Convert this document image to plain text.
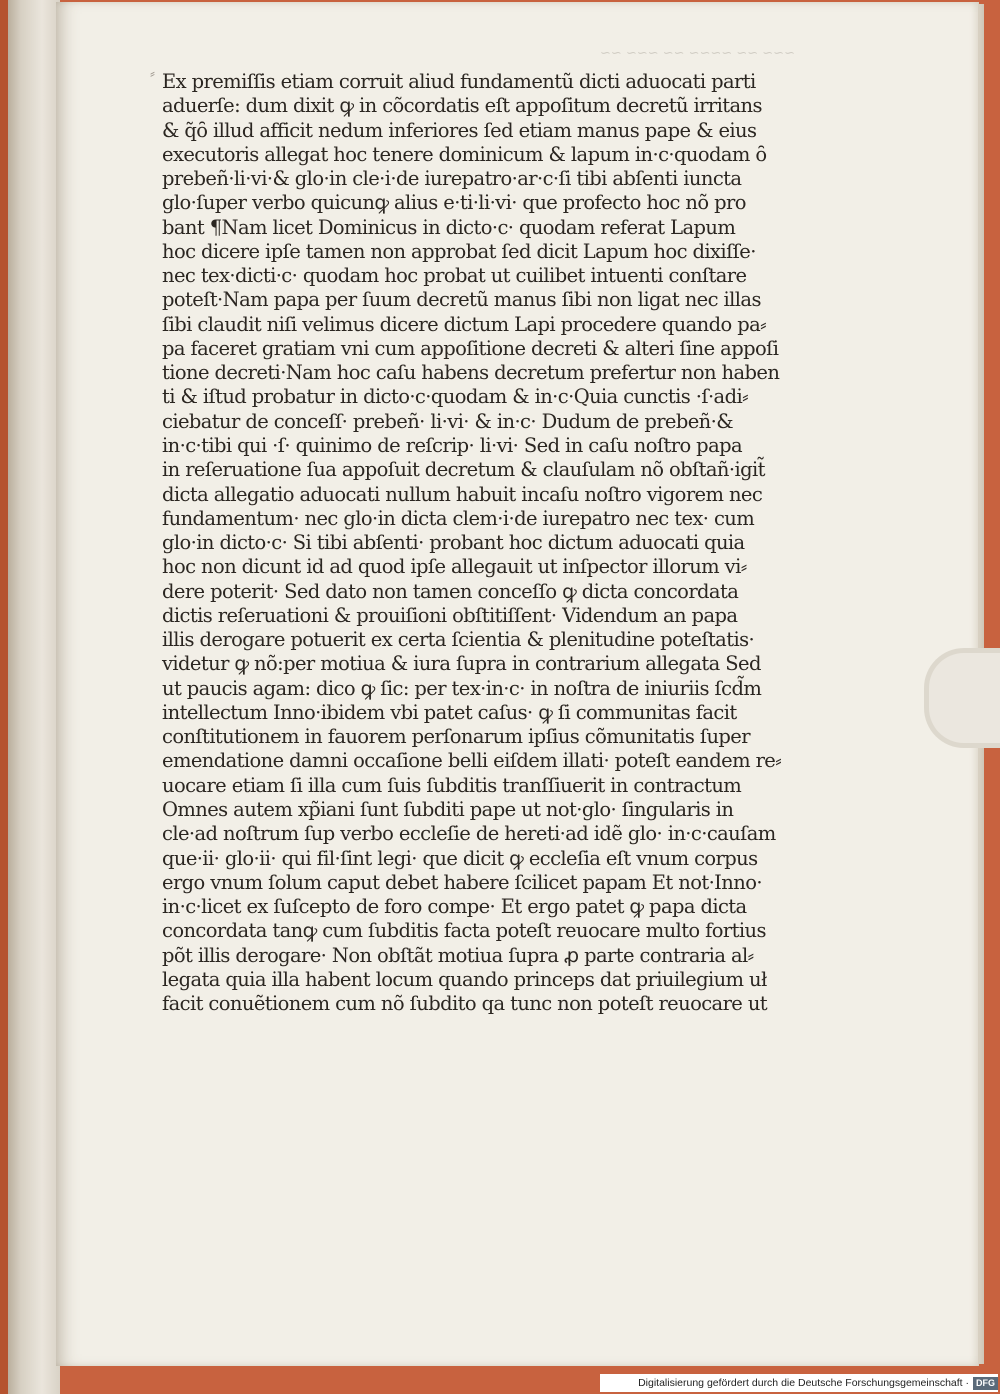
∼∼∼ ∼∼ ∼∼∼∼ ∼∼ ∼∼∼ ∼∼
⸗ Ex premiſſis etiam corruit aliud fundamentũ dicti aduocati parti
aduerſe: dum dixit ꝙ in cõcordatis eſt appoſitum decretũ irritans
& q̃ȏ illud afficit nedum inferiores ſed etiam manus pape & eius
executoris allegat hoc tenere dominicum & lapum in·c·quodam ȏ
prebeñ·li·vi·& glo·in cle·i·de iurepatro·ar·c·ſi tibi abſenti iuncta
glo·ſuper verbo quicunꝙ alius e·ti·li·vi· que profecto hoc nõ pro
bant ¶Nam licet Dominicus in dicto·c· quodam referat Lapum
hoc dicere ipſe tamen non approbat ſed dicit Lapum hoc dixiſſe·
nec tex·dicti·c· quodam hoc probat ut cuilibet intuenti conſtare
poteſt·Nam papa per ſuum decretũ manus ſibi non ligat nec illas
ſibi claudit niſi velimus dicere dictum Lapi procedere quando pa⸗
pa faceret gratiam vni cum appoſitione decreti & alteri ſine appoſi
tione decreti·Nam hoc caſu habens decretum prefertur non haben
ti & iſtud probatur in dicto·c·quodam & in·c·Quia cunctis ·ſ·adi⸗
ciebatur de conceſſ· prebeñ· li·vi· & in·c· Dudum de prebeñ·&
in·c·tibi qui ·ſ· quinimo de reſcrip· li·vi· Sed in caſu noſtro papa
in reſeruatione ſua appoſuit decretum & clauſulam nõ obſtañ·igit̃
dicta allegatio aduocati nullum habuit incaſu noſtro vigorem nec
fundamentum· nec glo·in dicta clem·i·de iurepatro nec tex· cum
glo·in dicto·c· Si tibi abſenti· probant hoc dictum aduocati quia
hoc non dicunt id ad quod ipſe allegauit ut inſpector illorum vi⸗
dere poterit· Sed dato non tamen conceſſo ꝙ dicta concordata
dictis reſeruationi & prouiſioni obſtitiſſent· Videndum an papa
illis derogare potuerit ex certa ſcientia & plenitudine poteſtatis·
videtur ꝙ nõ:per motiua & iura ſupra in contrarium allegata Sed
ut paucis agam: dico ꝙ ſic: per tex·in·c· in noſtra de iniuriis ſcd̃m
intellectum Inno·ibidem vbi patet caſus· ꝙ ſi communitas facit
conſtitutionem in fauorem perſonarum ipſius cõmunitatis ſuper
emendatione damni occaſione belli eiſdem illati· poteſt eandem re⸗
uocare etiam ſi illa cum ſuis ſubditis tranſſiuerit in contractum
Omnes autem xp̃iani ſunt ſubditi pape ut not·glo· ſingularis in
cle·ad noſtrum ſup verbo eccleſie de hereti·ad idẽ glo· in·c·cauſam
que·ii· glo·ii· qui fil·ſint legi· que dicit ꝙ eccleſia eſt vnum corpus
ergo vnum ſolum caput debet habere ſcilicet papam Et not·Inno·
in·c·licet ex ſuſcepto de foro compe· Et ergo patet ꝙ papa dicta
concordata tanꝙ cum ſubditis facta poteſt reuocare multo fortius
põt illis derogare· Non obſtãt motiua ſupra ꝓ parte contraria al⸗
legata quia illa habent locum quando princeps dat priuilegium uł
facit conuẽtionem cum nõ ſubdito qa tunc non poteſt reuocare ut
Digitalisierung gefördert durch die Deutsche Forschungsgemeinschaft · DFG
